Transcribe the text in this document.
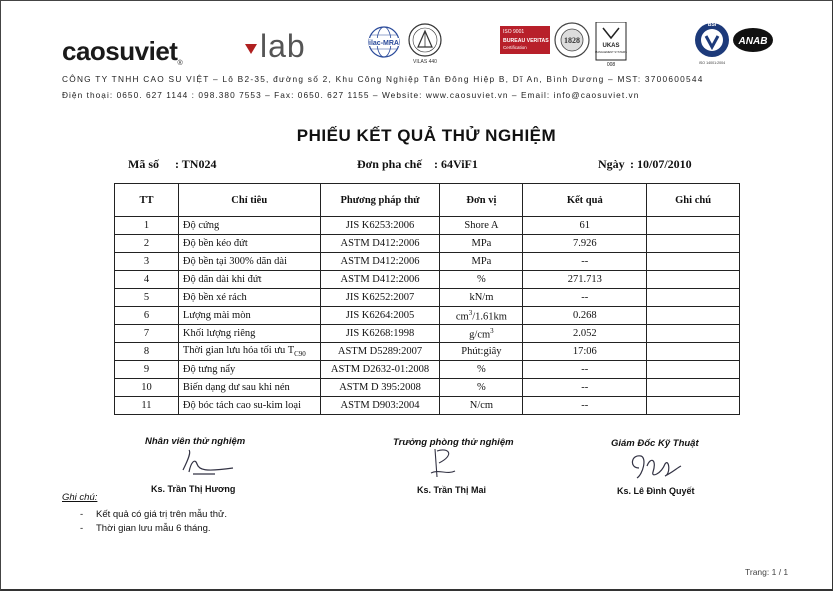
caosuviet®	lab	ilac-MRA
VILAS 440
ISO 9001
BUREAU VERITAS
Certification
1828
UKAS
MANAGEMENT SYSTEMS
008
BSI
ANAB
ISO 14001:2004
CÔNG TY TNHH CAO SU VIỆT – Lô B2-35, đường số 2, Khu Công Nghiệp Tân Đông Hiệp B, Dĩ An, Bình Dương – MST: 3700600544
Điện thoại: 0650. 627 1144 : 098.380 7553 – Fax: 0650. 627 1155 – Website: www.caosuviet.vn – Email: info@caosuviet.vn
PHIẾU KẾT QUẢ THỬ NGHIỆM
Mã số : TN024	Đơn pha chế : 64ViF1	Ngày : 10/07/2010
TT	Chỉ tiêu	Phương pháp thử	Đơn vị	Kết quả	Ghi chú
1	Độ cứng	JIS K6253:2006	Shore A	61	
2	Độ bền kéo đứt	ASTM D412:2006	MPa	7.926	
3	Độ bền tại 300% dãn dài	ASTM D412:2006	MPa	--	
4	Độ dãn dài khi đứt	ASTM D412:2006	%	271.713	
5	Độ bền xé rách	JIS K6252:2007	kN/m	--	
6	Lượng mài mòn	JIS K6264:2005	$cm^3/1.61km$	0.268	
7	Khối lượng riêng	JIS K6268:1998	$g/cm^3$	2.052	
8	Thời gian lưu hóa tối ưu $T_{C90}$	ASTM D5289:2007	Phút:giây	17:06	
9	Độ tưng nẩy	ASTM D2632-01:2008	%	--	
10	Biến dạng dư sau khi nén	ASTM D 395:2008	%	--	
11	Độ bóc tách cao su-kim loại	ASTM D903:2004	N/cm	--	
Nhân viên thử nghiệm	Trưởng phòng thử nghiệm	Giám Đốc Kỹ Thuật
Ks. Trần Thị Hương	Ks. Trần Thị Mai	Ks. Lê Đình Quyết
Ghi chú:
- Kết quả có giá trị trên mẫu thử.
- Thời gian lưu mẫu 6 tháng.
Trang: 1 / 1
